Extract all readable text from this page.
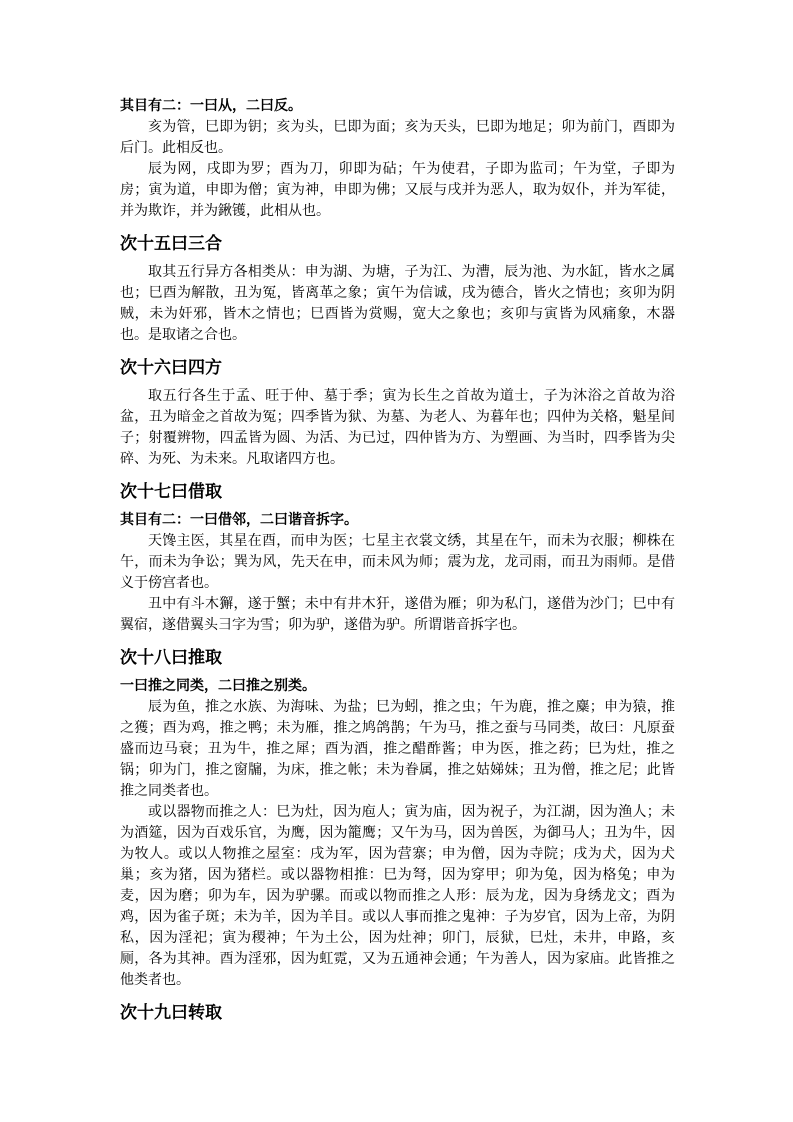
其目有二：一曰从，二曰反。

亥为管，巳即为钥；亥为头，巳即为面；亥为天头，巳即为地足；卯为前门，酉即为后门。此相反也。

辰为网，戌即为罗；酉为刀，卯即为砧；午为使君，子即为监司；午为堂，子即为房；寅为道，申即为僧；寅为神，申即为佛；又辰与戌并为恶人，取为奴仆，并为军徒，并为欺诈，并为鍬镬，此相从也。

次十五曰三合

取其五行异方各相类从：申为湖、为塘，子为江、为漕，辰为池、为水缸，皆水之属也；巳酉为解散，丑为冤，皆离革之象；寅午为信诚，戌为德合，皆火之情也；亥卯为阴贼，未为奸邪，皆木之情也；巳酉皆为赏赐，宽大之象也；亥卯与寅皆为风痛象，木器也。是取诸之合也。

次十六曰四方

取五行各生于孟、旺于仲、墓于季；寅为长生之首故为道士，子为沐浴之首故为浴盆，丑为暗金之首故为冤；四季皆为狱、为墓、为老人、为暮年也；四仲为关格，魁星间子；射覆辨物，四孟皆为圆、为活、为已过，四仲皆为方、为塑画、为当时，四季皆为尖碎、为死、为未来。凡取诸四方也。

次十七曰借取

其目有二：一曰借邻，二曰谐音拆字。

天馋主医，其星在酉，而申为医；七星主衣裳文绣，其星在午，而未为衣服；柳株在午，而未为争讼；巽为风，先天在申，而未风为师；震为龙，龙司雨，而丑为雨师。是借义于傍宫者也。

丑中有斗木獬，遂于蟹；未中有井木犴，遂借为雁；卯为私门，遂借为沙门；巳中有翼宿，遂借翼头彐字为雪；卯为驴，遂借为驴。所谓谐音拆字也。

次十八曰推取

一曰推之同类，二曰推之别类。

辰为鱼，推之水族、为海味、为盐；巳为蚓，推之虫；午为鹿，推之麋；申为猿，推之獲；酉为鸡，推之鸭；未为雁，推之鸠鸽鹊；午为马，推之蚕与马同类，故曰：凡原蚕盛而边马衰；丑为牛，推之犀；酉为酒，推之醋酢酱；申为医，推之药；巳为灶，推之锅；卯为门，推之窗牖，为床，推之帐；未为眷属，推之姑娣妹；丑为僧，推之尼；此皆推之同类者也。

或以器物而推之人：巳为灶，因为庖人；寅为庙，因为祝子，为江湖，因为渔人；未为酒筵，因为百戏乐官，为鹰，因为籠鹰；又午为马，因为兽医，为御马人；丑为牛，因为牧人。或以人物推之屋室：戌为军，因为营寨；申为僧，因为寺院；戌为犬，因为犬巢；亥为猪，因为猪栏。或以器物相推：巳为弩，因为穿甲；卯为兔，因为格兔；申为麦，因为磨；卯为车，因为驴骡。而或以物而推之人形：辰为龙，因为身绣龙文；酉为鸡，因为雀子斑；未为羊，因为羊目。或以人事而推之鬼神：子为岁官，因为上帝，为阴私，因为淫祀；寅为稷神；午为土公，因为灶神；卯门，辰狱，巳灶，未井，申路，亥厕，各为其神。酉为淫邪，因为虹霓，又为五通神会通；午为善人，因为家庙。此皆推之他类者也。

次十九曰转取
